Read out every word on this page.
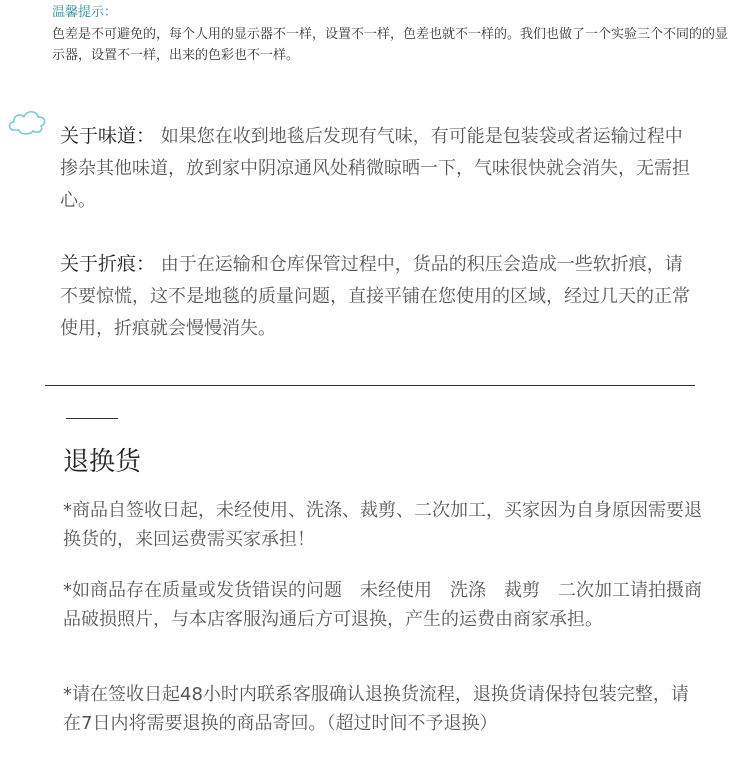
温馨提示：
色差是不可避免的，每个人用的显示器不一样，设置不一样，色差也就不一样的。我们也做了一个实验三个不同的的显示器，设置不一样，出来的色彩也不一样。
关于味道： 如果您在收到地毯后发现有气味，有可能是包装袋或者运输过程中掺杂其他味道，放到家中阴凉通风处稍微晾晒一下，气味很快就会消失，无需担心。
关于折痕： 由于在运输和仓库保管过程中，货品的积压会造成一些软折痕，请不要惊慌，这不是地毯的质量问题，直接平铺在您使用的区域，经过几天的正常使用，折痕就会慢慢消失。
退换货
*商品自签收日起，未经使用、洗涤、裁剪、二次加工，买家因为自身原因需要退换货的，来回运费需买家承担！
*如商品存在质量或发货错误的问题　未经使用　洗涤　裁剪　二次加工请拍摄商品破损照片，与本店客服沟通后方可退换，产生的运费由商家承担。
*请在签收日起48小时内联系客服确认退换货流程，退换货请保持包装完整，请在7日内将需要退换的商品寄回。（超过时间不予退换）
